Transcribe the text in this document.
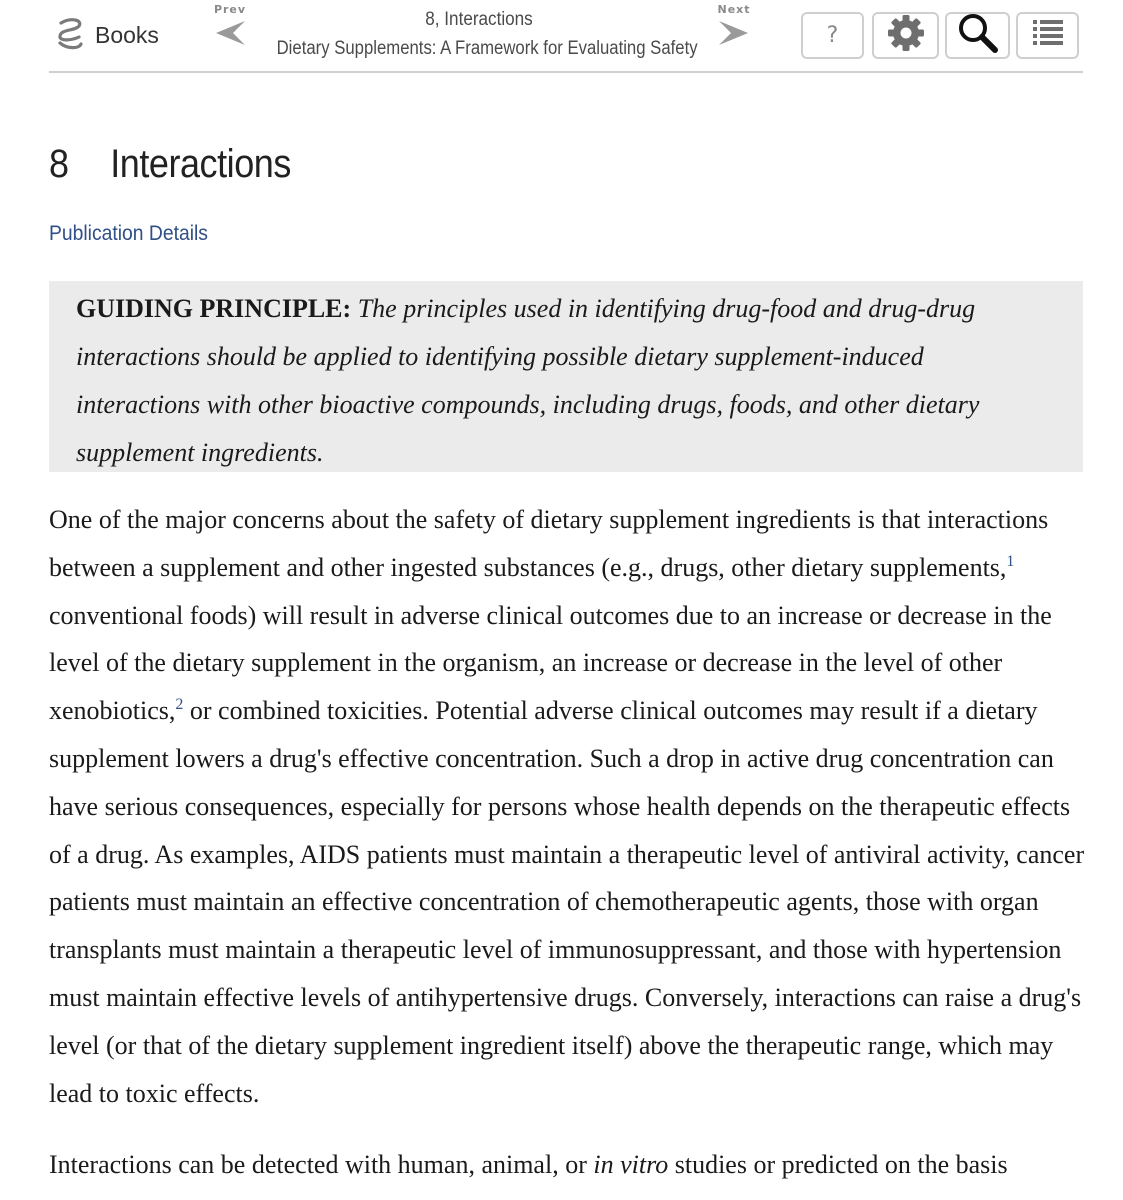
Books
Prev	8, Interactions
Dietary Supplements: A Framework for Evaluating Safety
Next
?
8 Interactions
Publication Details
GUIDING PRINCIPLE: The principles used in identifying drug-food and drug-drug interactions should be applied to identifying possible dietary supplement-induced interactions with other bioactive compounds, including drugs, foods, and other dietary supplement ingredients.

One of the major concerns about the safety of dietary supplement ingredients is that interactions between a supplement and other ingested substances (e.g., drugs, other dietary supplements,$^1$ conventional foods) will result in adverse clinical outcomes due to an increase or decrease in the level of the dietary supplement in the organism, an increase or decrease in the level of other xenobiotics,$^2$ or combined toxicities. Potential adverse clinical outcomes may result if a dietary supplement lowers a drug's effective concentration. Such a drop in active drug concentration can have serious consequences, especially for persons whose health depends on the therapeutic effects of a drug. As examples, AIDS patients must maintain a therapeutic level of antiviral activity, cancer patients must maintain an effective concentration of chemotherapeutic agents, those with organ transplants must maintain a therapeutic level of immunosuppressant, and those with hypertension must maintain effective levels of antihypertensive drugs. Conversely, interactions can raise a drug's level (or that of the dietary supplement ingredient itself) above the therapeutic range, which may lead to toxic effects.

Interactions can be detected with human, animal, or in vitro studies or predicted on the basis
